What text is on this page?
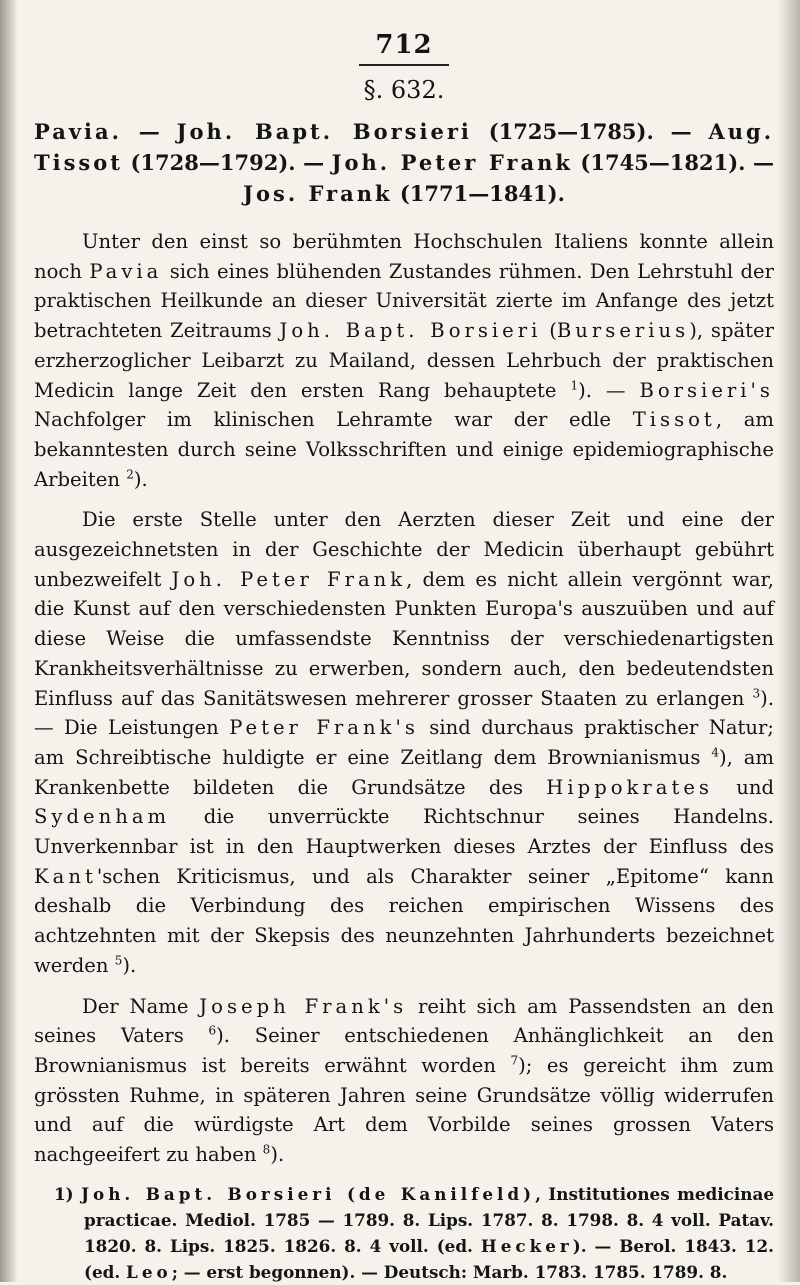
712
§. 632.
Pavia. — Joh. Bapt. Borsieri (1725—1785). — Aug. Tissot (1728—1792). — Joh. Peter Frank (1745—1821). — Jos. Frank (1771—1841).

Unter den einst so berühmten Hochschulen Italiens konnte allein noch Pavia sich eines blühenden Zustandes rühmen. Den Lehrstuhl der praktischen Heilkunde an dieser Universität zierte im Anfange des jetzt betrachteten Zeitraums Joh. Bapt. Borsieri (Burserius), später erzherzoglicher Leibarzt zu Mailand, dessen Lehrbuch der praktischen Medicin lange Zeit den ersten Rang behauptete $^1$). — Borsieri's Nachfolger im klinischen Lehramte war der edle Tissot, am bekanntesten durch seine Volksschriften und einige epidemiographische Arbeiten $^2$).

Die erste Stelle unter den Aerzten dieser Zeit und eine der ausgezeichnetsten in der Geschichte der Medicin überhaupt gebührt unbezweifelt Joh. Peter Frank, dem es nicht allein vergönnt war, die Kunst auf den verschiedensten Punkten Europa's auszuüben und auf diese Weise die umfassendste Kenntniss der verschiedenartigsten Krankheitsverhältnisse zu erwerben, sondern auch, den bedeutendsten Einfluss auf das Sanitätswesen mehrerer grosser Staaten zu erlangen $^3$). — Die Leistungen Peter Frank's sind durchaus praktischer Natur; am Schreibtische huldigte er eine Zeitlang dem Brownianismus $^4$), am Krankenbette bildeten die Grundsätze des Hippokrates und Sydenham die unverrückte Richtschnur seines Handelns. Unverkennbar ist in den Hauptwerken dieses Arztes der Einfluss des Kant'schen Kriticismus, und als Charakter seiner „Epitome“ kann deshalb die Verbindung des reichen empirischen Wissens des achtzehnten mit der Skepsis des neunzehnten Jahrhunderts bezeichnet werden $^5$).

Der Name Joseph Frank's reiht sich am Passendsten an den seines Vaters $^6$). Seiner entschiedenen Anhänglichkeit an den Brownianismus ist bereits erwähnt worden $^7$); es gereicht ihm zum grössten Ruhme, in späteren Jahren seine Grundsätze völlig widerrufen und auf die würdigste Art dem Vorbilde seines grossen Vaters nachgeeifert zu haben $^8$).

1) Joh. Bapt. Borsieri (de Kanilfeld), Institutiones medicinae practicae. Mediol. 1785 — 1789. 8. Lips. 1787. 8. 1798. 8. 4 voll. Patav. 1820. 8. Lips. 1825. 1826. 8. 4 voll. (ed. Hecker). — Berol. 1843. 12. (ed. Leo; — erst begonnen). — Deutsch: Marb. 1783. 1785. 1789. 8.
